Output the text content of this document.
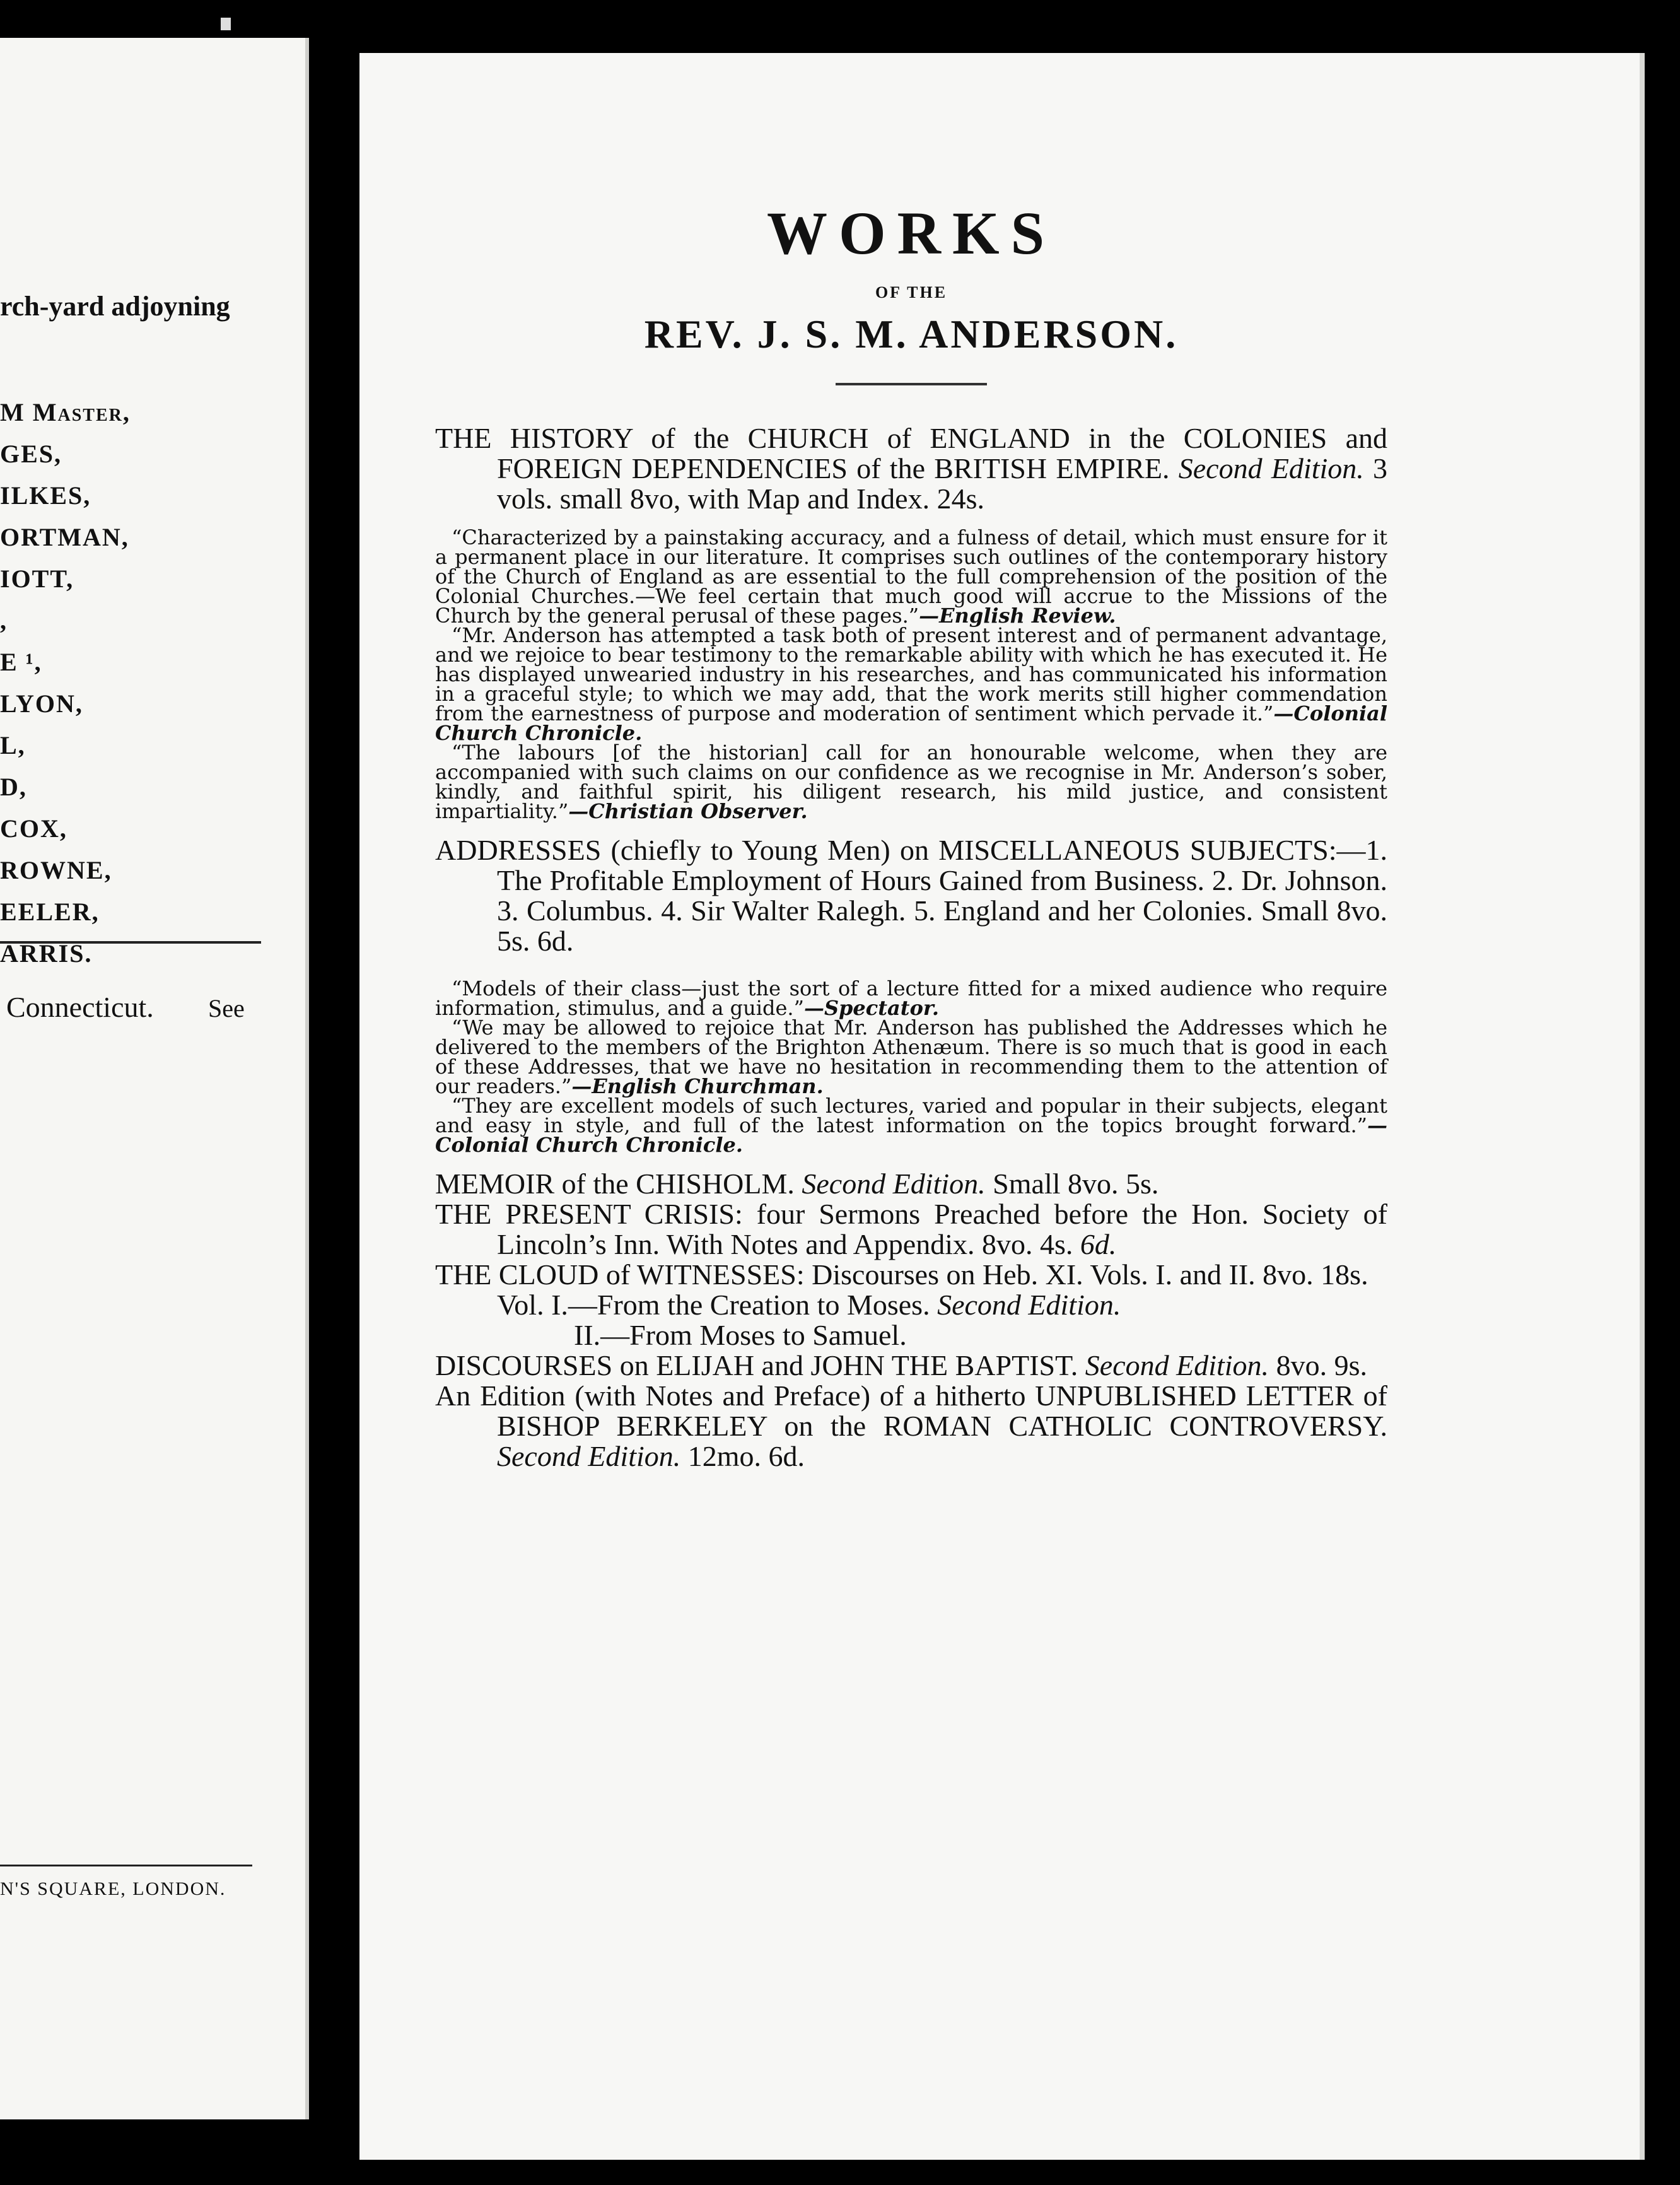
rch-yard adjoyning
M Master,
GES,
ILKES,
ORTMAN,
IOTT,
,
E ¹,
LYON,
L,
D,
COX,
ROWNE,
EELER,
ARRIS.
Connecticut. See
N'S SQUARE, LONDON.
WORKS
OF THE
REV. J. S. M. ANDERSON.

THE HISTORY of the CHURCH of ENGLAND in the COLONIES and FOREIGN DEPENDENCIES of the BRITISH EMPIRE. Second Edition. 3 vols. small 8vo, with Map and Index. 24s.

“Characterized by a painstaking accuracy, and a fulness of detail, which must ensure for it a permanent place in our literature. It comprises such outlines of the contemporary history of the Church of England as are essential to the full comprehension of the position of the Colonial Churches.—We feel certain that much good will accrue to the Missions of the Church by the general perusal of these pages.”—English Review.

“Mr. Anderson has attempted a task both of present interest and of permanent advantage, and we rejoice to bear testimony to the remarkable ability with which he has executed it. He has displayed unwearied industry in his researches, and has communicated his information in a graceful style; to which we may add, that the work merits still higher commendation from the earnestness of purpose and moderation of sentiment which pervade it.”—Colonial Church Chronicle.

“The labours [of the historian] call for an honourable welcome, when they are accompanied with such claims on our confidence as we recognise in Mr. Anderson’s sober, kindly, and faithful spirit, his diligent research, his mild justice, and consistent impartiality.”—Christian Observer.

ADDRESSES (chiefly to Young Men) on MISCELLANEOUS SUBJECTS:—1. The Profitable Employment of Hours Gained from Business. 2. Dr. Johnson. 3. Columbus. 4. Sir Walter Ralegh. 5. England and her Colonies. Small 8vo. 5s. 6d.

“Models of their class—just the sort of a lecture fitted for a mixed audience who require information, stimulus, and a guide.”—Spectator.

“We may be allowed to rejoice that Mr. Anderson has published the Addresses which he delivered to the members of the Brighton Athenæum. There is so much that is good in each of these Addresses, that we have no hesitation in recommending them to the attention of our readers.”—English Churchman.

“They are excellent models of such lectures, varied and popular in their subjects, elegant and easy in style, and full of the latest information on the topics brought forward.”—Colonial Church Chronicle.

MEMOIR of the CHISHOLM. Second Edition. Small 8vo. 5s.

THE PRESENT CRISIS: four Sermons Preached before the Hon. Society of Lincoln’s Inn. With Notes and Appendix. 8vo. 4s. 6d.

THE CLOUD of WITNESSES: Discourses on Heb. XI. Vols. I. and II. 8vo. 18s.

Vol. I.—From the Creation to Moses. Second Edition.

II.—From Moses to Samuel.

DISCOURSES on ELIJAH and JOHN THE BAPTIST. Second Edition. 8vo. 9s.

An Edition (with Notes and Preface) of a hitherto UNPUBLISHED LETTER of BISHOP BERKELEY on the ROMAN CATHOLIC CONTROVERSY. Second Edition. 12mo. 6d.
